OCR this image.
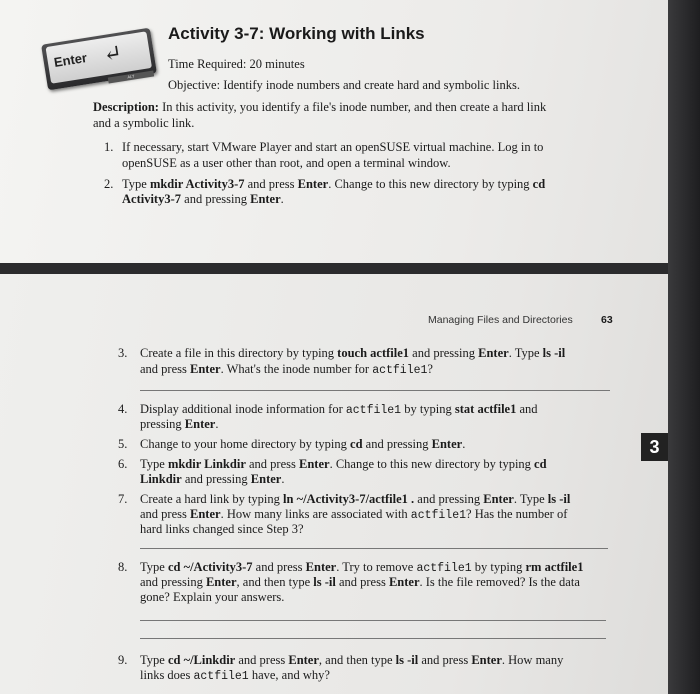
Enter ↵
ALT
Activity 3-7: Working with Links
Time Required: 20 minutes
Objective: Identify inode numbers and create hard and symbolic links.
Description: In this activity, you identify a file's inode number, and then create a hard link
and a symbolic link.
1. If necessary, start VMware Player and start an openSUSE virtual machine. Log in to
openSUSE as a user other than root, and open a terminal window.
2. Type mkdir Activity3-7 and press Enter. Change to this new directory by typing cd
Activity3-7 and pressing Enter.
Managing Files and Directories	63
3
3. Create a file in this directory by typing touch actfile1 and pressing Enter. Type ls -il
and press Enter. What's the inode number for actfile1?
4. Display additional inode information for actfile1 by typing stat actfile1 and
pressing Enter.
5. Change to your home directory by typing cd and pressing Enter.
6. Type mkdir Linkdir and press Enter. Change to this new directory by typing cd
Linkdir and pressing Enter.
7. Create a hard link by typing ln ~/Activity3-7/actfile1 . and pressing Enter. Type ls -il
and press Enter. How many links are associated with actfile1? Has the number of
hard links changed since Step 3?
8. Type cd ~/Activity3-7 and press Enter. Try to remove actfile1 by typing rm actfile1
and pressing Enter, and then type ls -il and press Enter. Is the file removed? Is the data
gone? Explain your answers.
9. Type cd ~/Linkdir and press Enter, and then type ls -il and press Enter. How many
links does actfile1 have, and why?
